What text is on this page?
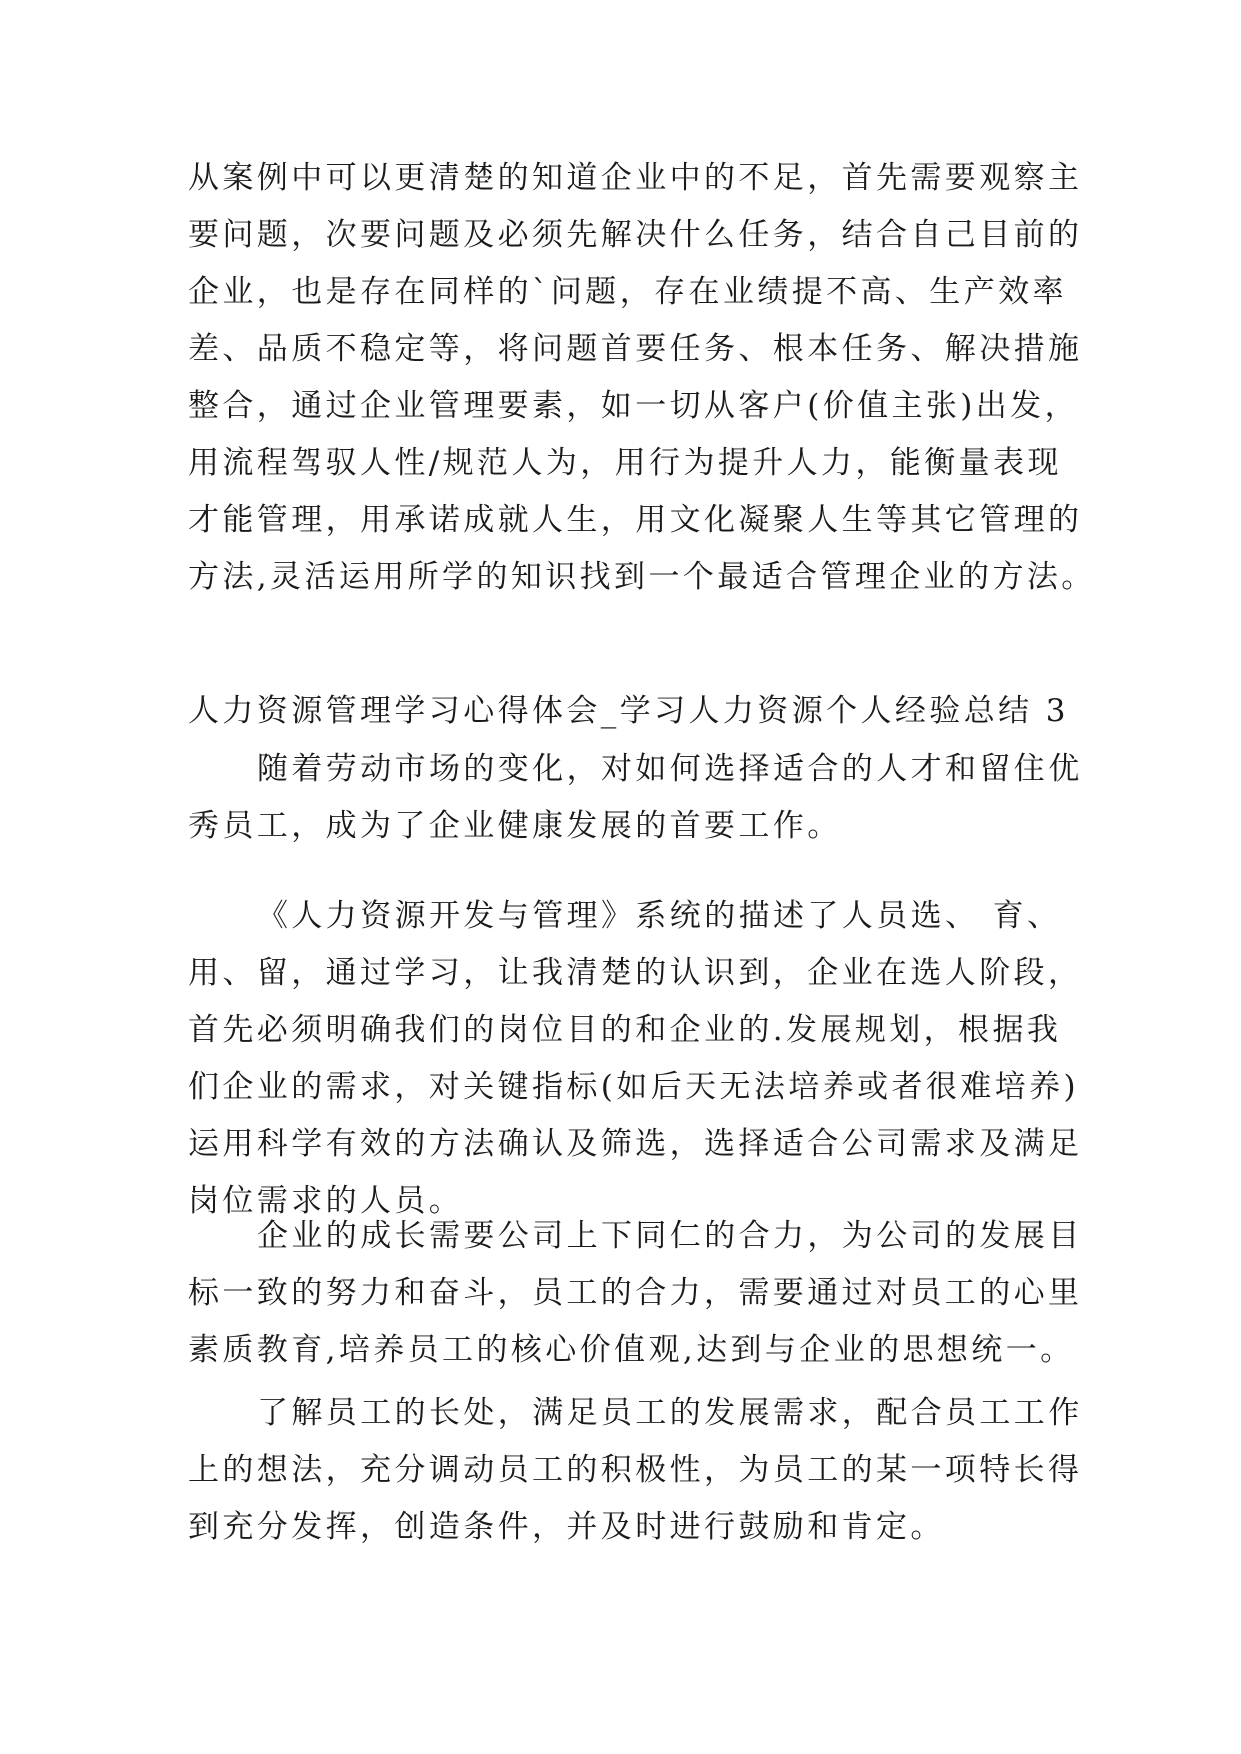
从案例中可以更清楚的知道企业中的不足，首先需要观察主
要问题，次要问题及必须先解决什么任务，结合自己目前的
企业，也是存在同样的`问题，存在业绩提不高、生产效率
差、品质不稳定等，将问题首要任务、根本任务、解决措施
整合，通过企业管理要素，如一切从客户(价值主张)出发，
用流程驾驭人性/规范人为，用行为提升人力，能衡量表现
才能管理，用承诺成就人生，用文化凝聚人生等其它管理的
方法,灵活运用所学的知识找到一个最适合管理企业的方法。
人力资源管理学习心得体会_学习人力资源个人经验总结 3
随着劳动市场的变化，对如何选择适合的人才和留住优
秀员工，成为了企业健康发展的首要工作。
《人力资源开发与管理》系统的描述了人员选、 育、
用、留，通过学习，让我清楚的认识到，企业在选人阶段，
首先必须明确我们的岗位目的和企业的.发展规划，根据我
们企业的需求，对关键指标(如后天无法培养或者很难培养)
运用科学有效的方法确认及筛选，选择适合公司需求及满足
岗位需求的人员。
企业的成长需要公司上下同仁的合力，为公司的发展目
标一致的努力和奋斗，员工的合力，需要通过对员工的心里
素质教育,培养员工的核心价值观,达到与企业的思想统一。
了解员工的长处，满足员工的发展需求，配合员工工作
上的想法，充分调动员工的积极性，为员工的某一项特长得
到充分发挥，创造条件，并及时进行鼓励和肯定。
